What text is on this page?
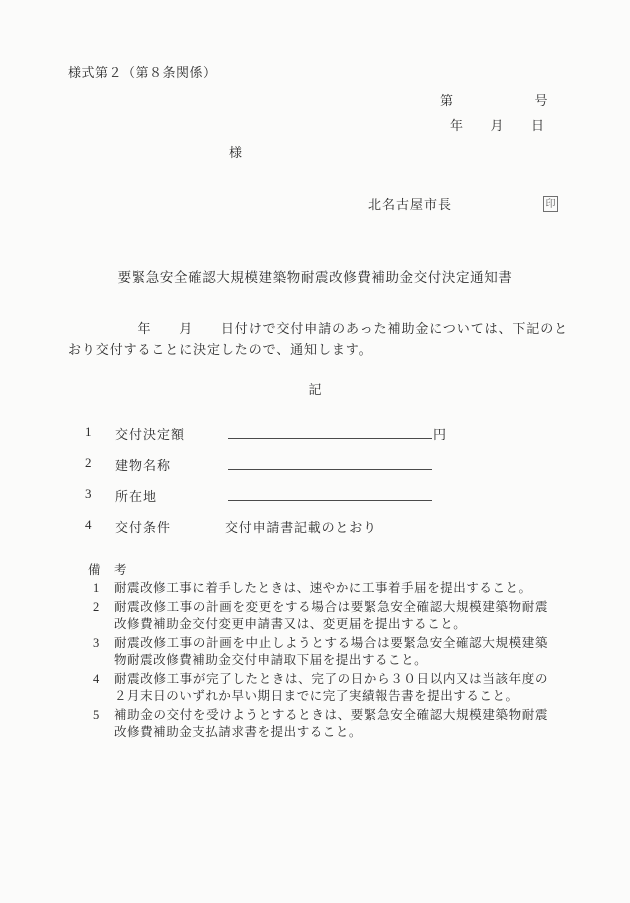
様式第２（第８条関係）
第　　　　　　号
年　　月　　日
様
北名古屋市長	印
要緊急安全確認大規模建築物耐震改修費補助金交付決定通知書
　　　　　年　　月　　日付けで交付申請のあった補助金については、下記のとおり交付することに決定したので、通知します。
記
1	交付決定額	円
2	建物名称
3	所在地
4	交付条件	交付申請書記載のとおり
備　考
1 耐震改修工事に着手したときは、速やかに工事着手届を提出すること。
2 耐震改修工事の計画を変更をする場合は要緊急安全確認大規模建築物耐震改修費補助金交付変更申請書又は、変更届を提出すること。
3 耐震改修工事の計画を中止しようとする場合は要緊急安全確認大規模建築物耐震改修費補助金交付申請取下届を提出すること。
4 耐震改修工事が完了したときは、完了の日から３０日以内又は当該年度の２月末日のいずれか早い期日までに完了実績報告書を提出すること。
5 補助金の交付を受けようとするときは、要緊急安全確認大規模建築物耐震改修費補助金支払請求書を提出すること。
